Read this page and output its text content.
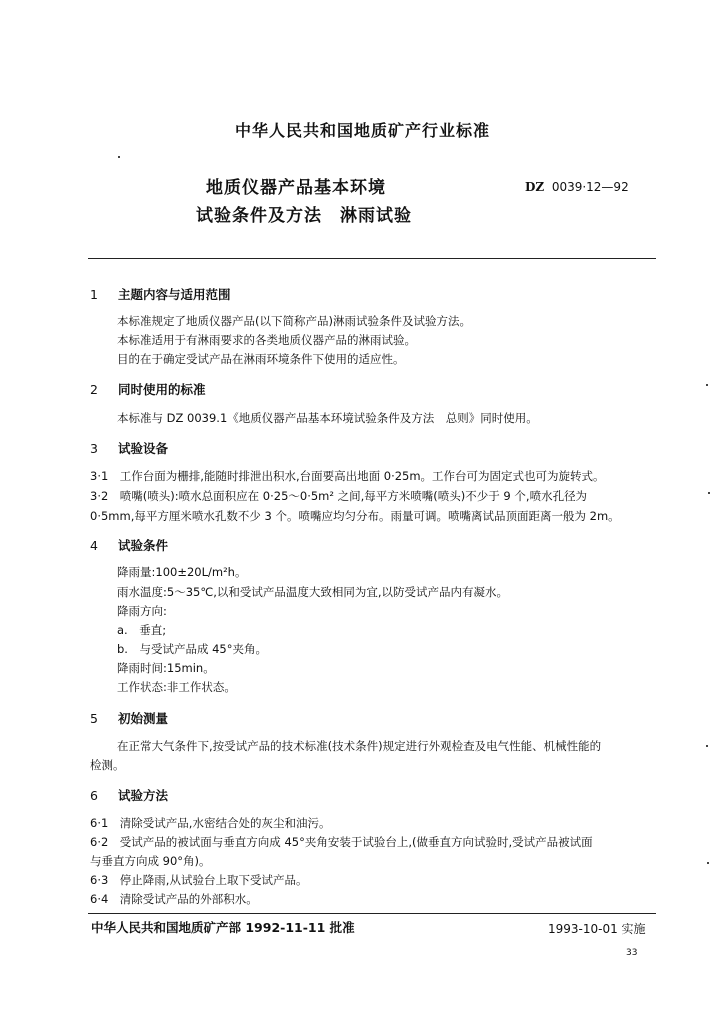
中华人民共和国地质矿产行业标准
地质仪器产品基本环境
试验条件及方法　淋雨试验
DZ 0039·12—92
1 主题内容与适用范围
本标准规定了地质仪器产品(以下简称产品)淋雨试验条件及试验方法。
本标准适用于有淋雨要求的各类地质仪器产品的淋雨试验。
目的在于确定受试产品在淋雨环境条件下使用的适应性。
2 同时使用的标准
本标准与 DZ 0039.1《地质仪器产品基本环境试验条件及方法　总则》同时使用。
3 试验设备
3·1　工作台面为栅排,能随时排泄出积水,台面要高出地面 0·25m。工作台可为固定式也可为旋转式。
3·2　喷嘴(喷头):喷水总面积应在 0·25～0·5m² 之间,每平方米喷嘴(喷头)不少于 9 个,喷水孔径为
0·5mm,每平方厘米喷水孔数不少 3 个。喷嘴应均匀分布。雨量可调。喷嘴离试品顶面距离一般为 2m。
4 试验条件
降雨量:100±20L/m²h。
雨水温度:5～35℃,以和受试产品温度大致相同为宜,以防受试产品内有凝水。
降雨方向:
a.　垂直;
b.　与受试产品成 45°夹角。
降雨时间:15min。
工作状态:非工作状态。
5 初始测量
在正常大气条件下,按受试产品的技术标准(技术条件)规定进行外观检查及电气性能、机械性能的
检测。
6 试验方法
6·1　清除受试产品,水密结合处的灰尘和油污。
6·2　受试产品的被试面与垂直方向成 45°夹角安装于试验台上,(做垂直方向试验时,受试产品被试面
与垂直方向成 90°角)。
6·3　停止降雨,从试验台上取下受试产品。
6·4　清除受试产品的外部积水。
中华人民共和国地质矿产部 1992-11-11 批准	1993-10-01 实施
33
